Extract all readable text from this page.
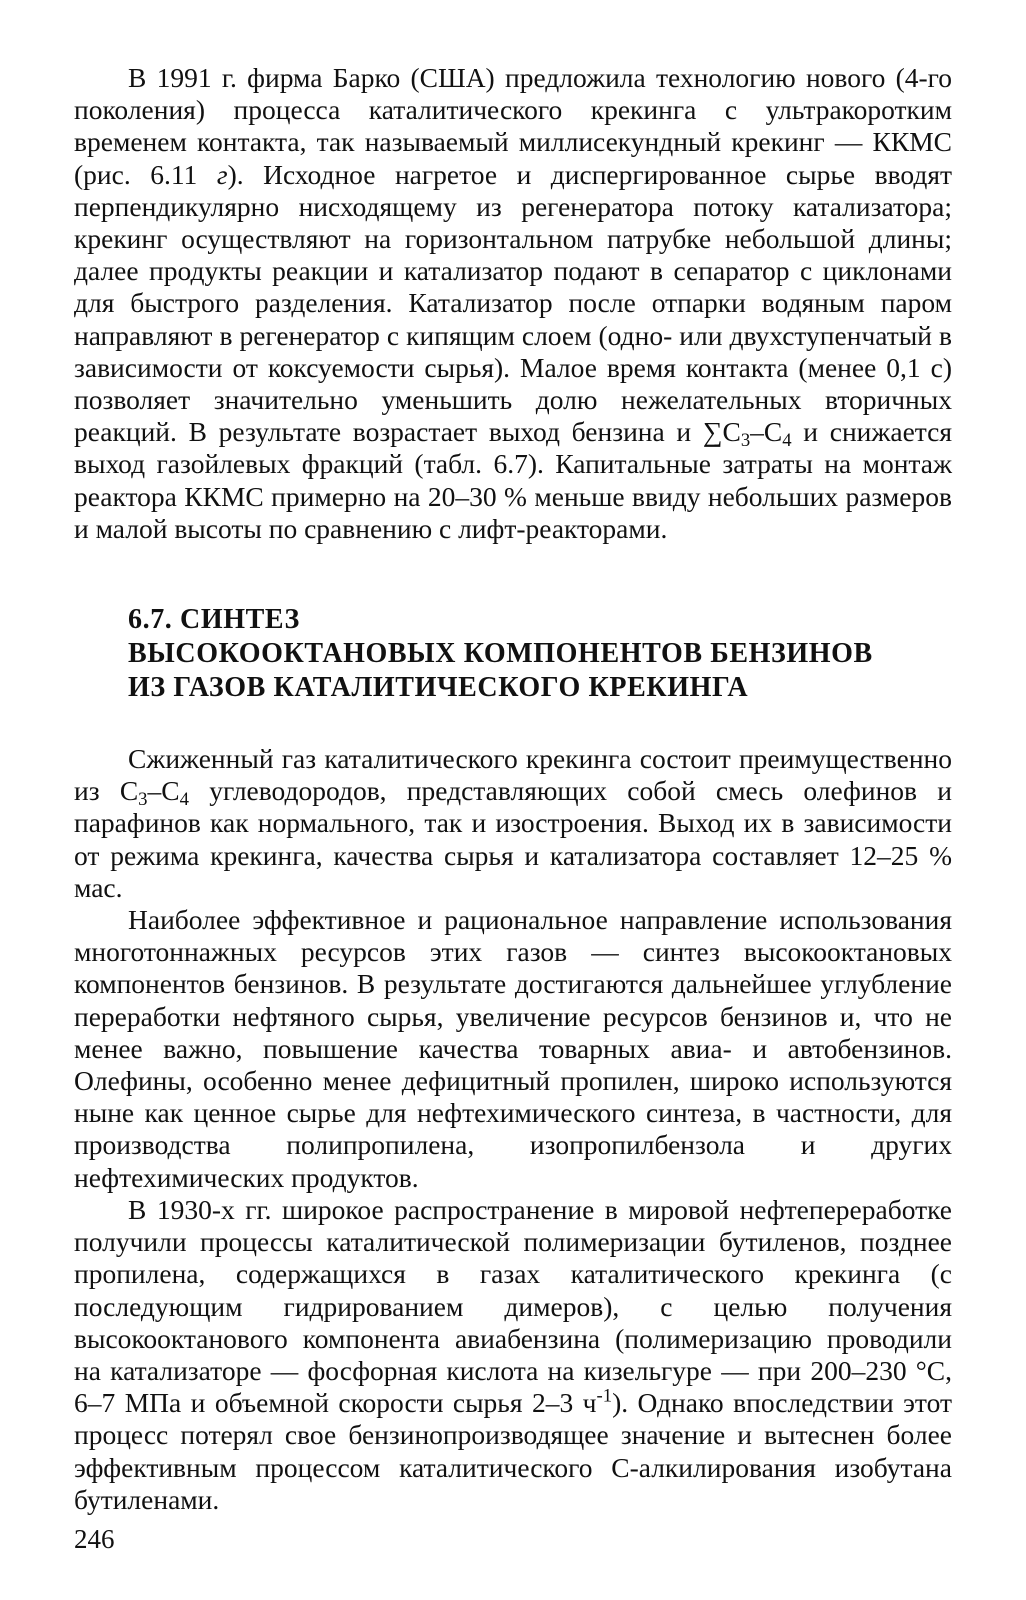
В 1991 г. фирма Барко (США) предложила технологию нового (4-го поколения) процесса каталитического крекинга с ультракоротким временем контакта, так называемый миллисекундный крекинг — ККМС (рис. 6.11 г). Исходное нагретое и диспергированное сырье вводят перпендикулярно нисходящему из регенератора потоку катализатора; крекинг осуществляют на горизонтальном патрубке небольшой длины; далее продукты реакции и катализатор подают в сепаратор с циклонами для быстрого разделения. Катализатор после отпарки водяным паром направляют в регенератор с кипящим слоем (одно- или двухступенчатый в зависимости от коксуемости сырья). Малое время контакта (менее 0,1 с) позволяет значительно уменьшить долю нежелательных вторичных реакций. В результате возрастает выход бензина и $\sum C_3-C_4$ и снижается выход газойлевых фракций (табл. 6.7). Капитальные затраты на монтаж реактора ККМС примерно на 20–30 % меньше ввиду небольших размеров и малой высоты по сравнению с лифт-реакторами.

6.7. СИНТЕЗ
ВЫСОКООКТАНОВЫХ КОМПОНЕНТОВ БЕНЗИНОВ
ИЗ ГАЗОВ КАТАЛИТИЧЕСКОГО КРЕКИНГА

Сжиженный газ каталитического крекинга состоит преимущественно из $C_3-C_4$ углеводородов, представляющих собой смесь олефинов и парафинов как нормального, так и изостроения. Выход их в зависимости от режима крекинга, качества сырья и катализатора составляет 12–25 % мас.

Наиболее эффективное и рациональное направление использования многотоннажных ресурсов этих газов — синтез высокооктановых компонентов бензинов. В результате достигаются дальнейшее углубление переработки нефтяного сырья, увеличение ресурсов бензинов и, что не менее важно, повышение качества товарных авиа- и автобензинов. Олефины, особенно менее дефицитный пропилен, широко используются ныне как ценное сырье для нефтехимического синтеза, в частности, для производства полипропилена, изопропилбензола и других нефтехимических продуктов.

В 1930-х гг. широкое распространение в мировой нефтепереработке получили процессы каталитической полимеризации бутиленов, позднее пропилена, содержащихся в газах каталитического крекинга (с последующим гидрированием димеров), с целью получения высокооктанового компонента авиабензина (полимеризацию проводили на катализаторе — фосфорная кислота на кизельгуре — при 200–230 °С, 6–7 МПа и объемной скорости сырья 2–3 $ч^{-1}$). Однако впоследствии этот процесс потерял свое бензинопроизводящее значение и вытеснен более эффективным процессом каталитического С-алкилирования изобутана бутиленами.

246
